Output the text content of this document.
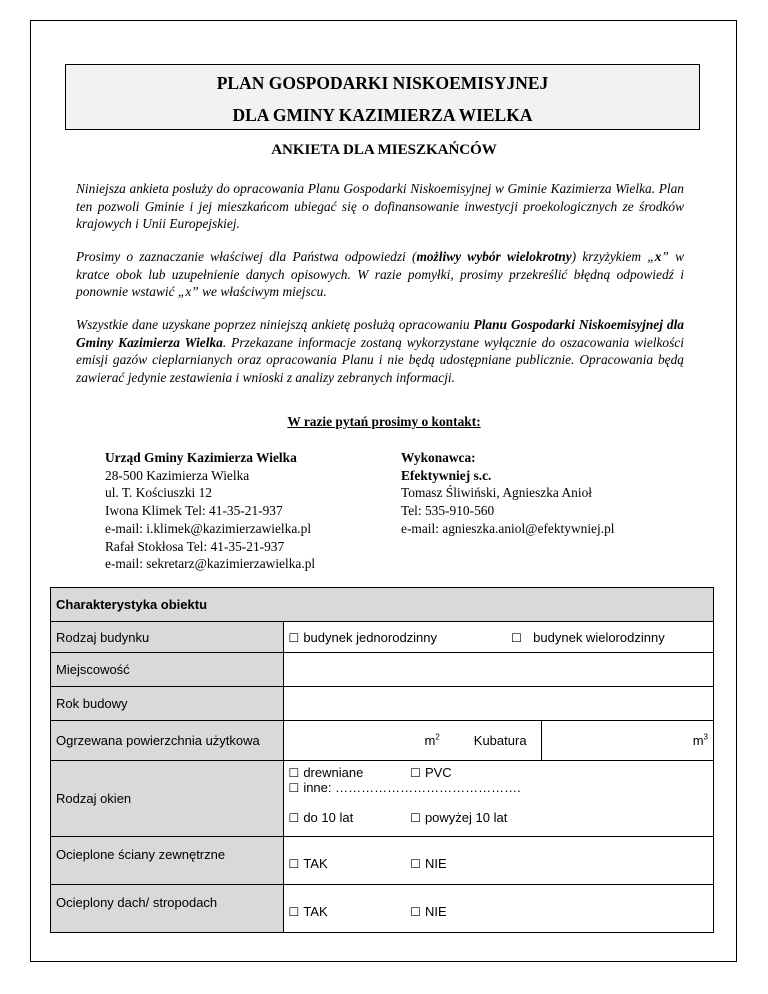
PLAN GOSPODARKI NISKOEMISYJNEJ
DLA GMINY KAZIMIERZA WIELKA
ANKIETA DLA MIESZKAŃCÓW
Niniejsza ankieta posłuży do opracowania Planu Gospodarki Niskoemisyjnej w Gminie Kazimierza Wielka. Plan ten pozwoli Gminie i jej mieszkańcom ubiegać się o dofinansowanie inwestycji proekologicznych ze środków krajowych i Unii Europejskiej.
Prosimy o zaznaczanie właściwej dla Państwa odpowiedzi (możliwy wybór wielokrotny) krzyżykiem „x” w kratce obok lub uzupełnienie danych opisowych. W razie pomyłki, prosimy przekreślić błędną odpowiedź i ponownie wstawić „x” we właściwym miejscu.
Wszystkie dane uzyskane poprzez niniejszą ankietę posłużą opracowaniu Planu Gospodarki Niskoemisyjnej dla Gminy Kazimierza Wielka. Przekazane informacje zostaną wykorzystane wyłącznie do oszacowania wielkości emisji gazów cieplarnianych oraz opracowania Planu i nie będą udostępniane publicznie. Opracowania będą zawierać jedynie zestawienia i wnioski z analizy zebranych informacji.
W razie pytań prosimy o kontakt:
Urząd Gminy Kazimierza Wielka
28-500 Kazimierza Wielka
ul. T. Kościuszki 12
Iwona Klimek Tel: 41-35-21-937
e-mail: i.klimek@kazimierzawielka.pl
Rafał Stokłosa Tel: 41-35-21-937
e-mail: sekretarz@kazimierzawielka.pl
Wykonawca:
Efektywniej s.c.
Tomasz Śliwiński, Agnieszka Anioł
Tel: 535-910-560
e-mail: agnieszka.aniol@efektywniej.pl
Charakterystyka obiektu			
Rodzaj budynku	☐ budynek jednorodzinny ☐ budynek wielorodzinny		
Miejscowość			
Rok budowy			
Ogrzewana powierzchnia użytkowa	$m^2$	Kubatura	$m^3$
Rodzaj okien	☐ drewniane ☐ PVC ☐ inne: …………………………………….		
	☐ do 10 lat ☐ powyżej 10 lat		
Ocieplone ściany zewnętrzne	☐ TAK ☐ NIE		
Ocieplony dach/ stropodach	☐ TAK ☐ NIE		
